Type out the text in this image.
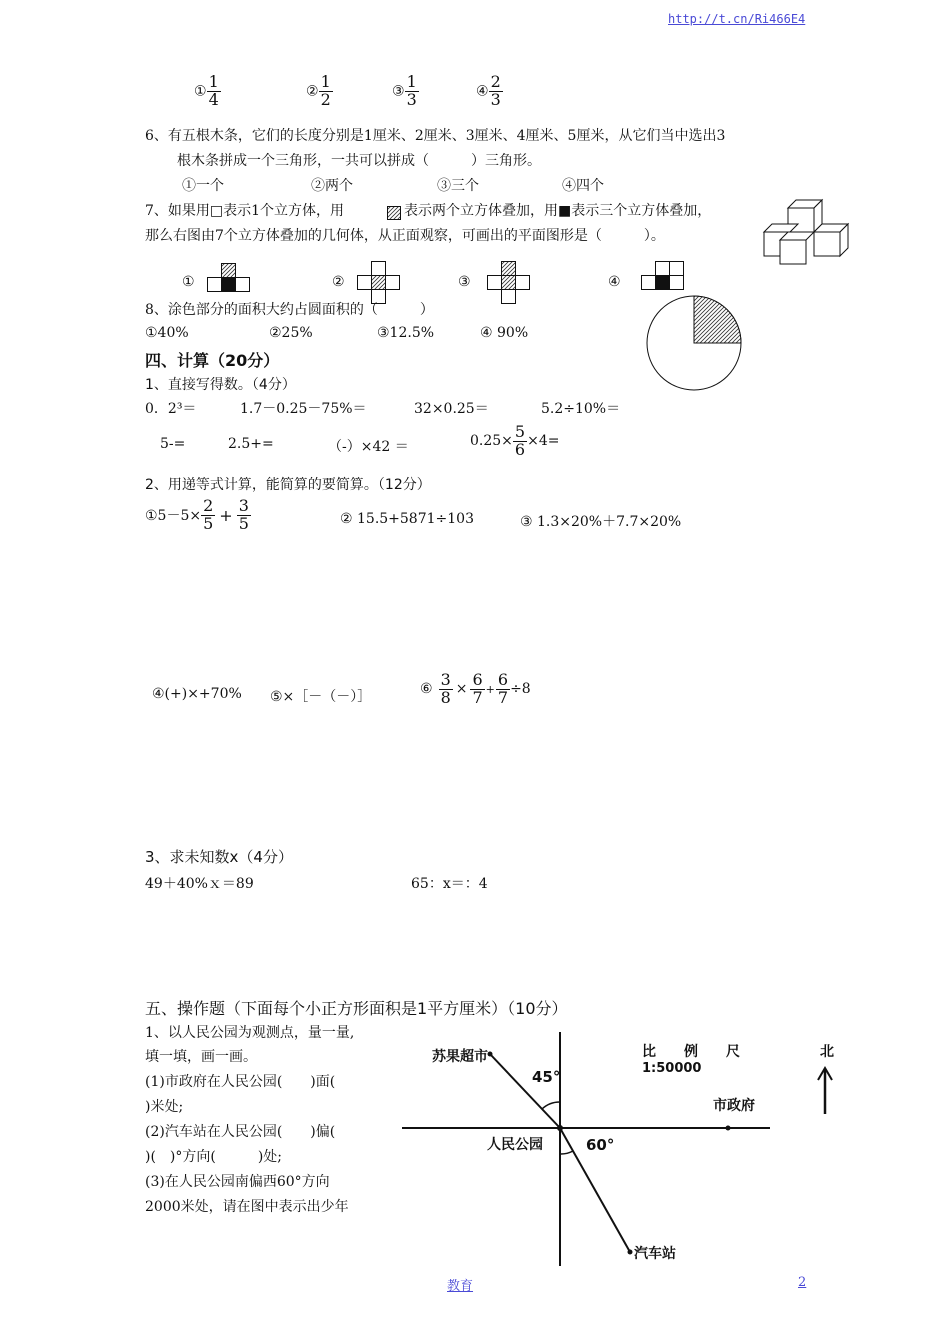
http://t.cn/Ri466E4
① $\frac{1}{4}$	② $\frac{1}{2}$	③ $\frac{1}{3}$	④ $\frac{2}{3}$
6、有五根木条，它们的长度分别是1厘米、2厘米、3厘米、4厘米、5厘米，从它们当中选出3
根木条拼成一个三角形，一共可以拼成（　　　）三角形。
①一个	②两个	③三个	④四个
7、如果用□表示1个立方体，用	表示两个立方体叠加，用■表示三个立方体叠加，
那么右图由7个立方体叠加的几何体，从正面观察，可画出的平面图形是（　　　）。
①	②	③	④
8、涂色部分的面积大约占圆面积的（　　　）
①40%	②25%	③12.5%	④ 90%
四、计算（20分）
1、直接写得数。（4分）
0．2³＝	1.7－0.25－75%＝	32×0.25＝	5.2÷10%＝
5-=	2.5+=	（-）×42 ＝	$0.25\times \frac{5}{6} \times 4=$
2、用递等式计算，能简算的要简算。（12分）
①5－5× $\frac{2}{5} + \frac{3}{5}$	② 15.5+5871÷103	③ 1.3×20%＋7.7×20%
④(+)×+70% ⑤×［－（－）］	⑥ $\frac{3}{8} \times \frac{6}{7} + \frac{6}{7} \div 8$
3、求未知数x（4分）
49＋40%ｘ＝89	65：x＝：4
五、操作题（下面每个小正方形面积是1平方厘米）（10分）
1、以人民公园为观测点，量一量,
填一填，画一画。
(1)市政府在人民公园(　　)面(
)米处;
(2)汽车站在人民公园(　　)偏(
)(　)°方向(　　　)处;
(3)在人民公园南偏西60°方向
2000米处，请在图中表示出少年
苏果超市
45°
人民公园	60°
市政府
汽车站
比　　例　　尺
1:50000
北
教育	2
